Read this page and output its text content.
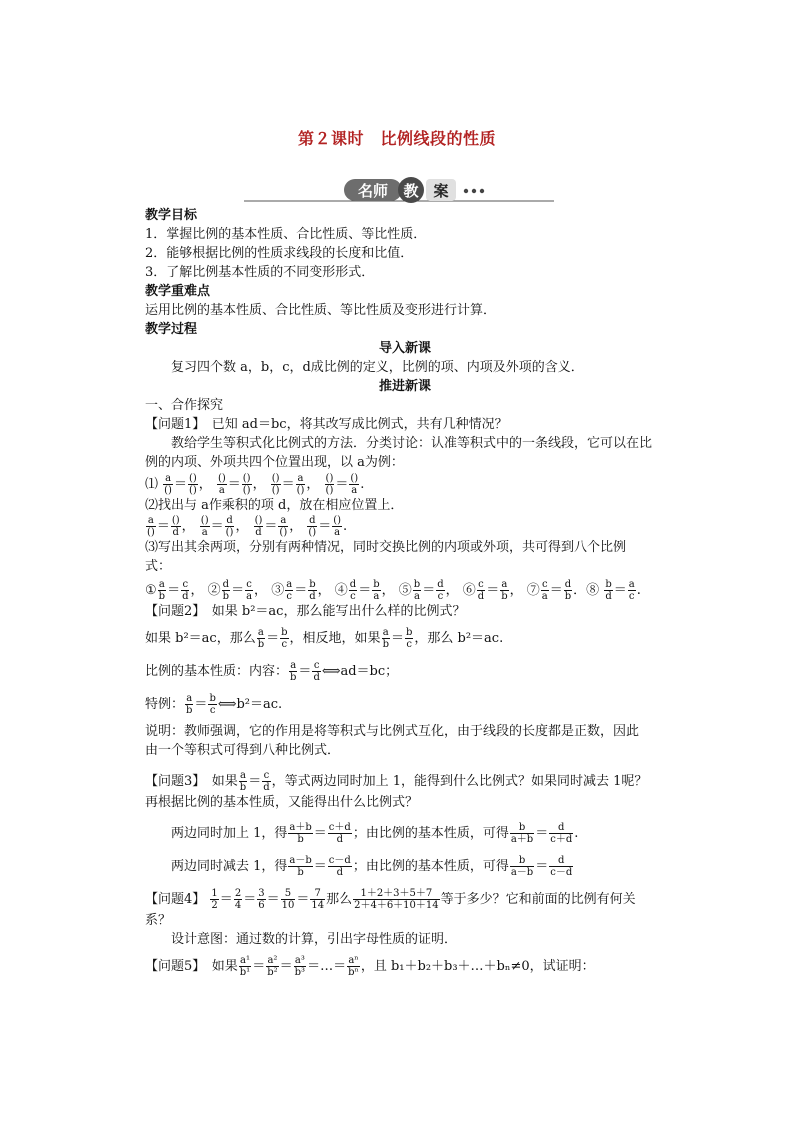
第２课时　比例线段的性质
名师 教 案

教学目标

1．掌握比例的基本性质、合比性质、等比性质．

2．能够根据比例的性质求线段的长度和比值．

3．了解比例基本性质的不同变形形式．

教学重难点

运用比例的基本性质、合比性质、等比性质及变形进行计算．

教学过程

导入新课

复习四个数 a，b，c，d成比例的定义，比例的项、内项及外项的含义．

推进新课

一、合作探究

【问题1】　已知 ad＝bc，将其改写成比例式，共有几种情况？

教给学生等积式化比例式的方法．分类讨论：认准等积式中的一条线段，它可以在比

例的内项、外项共四个位置出现，以 a为例：

⑴ $\frac{a}{()} = \frac{()}{()}$ ， $\frac{()}{a} = \frac{()}{()}$ ， $\frac{()}{()} = \frac{a}{()}$ ， $\frac{()}{()} = \frac{()}{a}$ .

⑵找出与 a作乘积的项 d，放在相应位置上．

$\frac{a}{()} = \frac{()}{d}$ ， $\frac{()}{a} = \frac{d}{()}$ ， $\frac{()}{d} = \frac{a}{()}$ ， $\frac{d}{()} = \frac{()}{a}$ .

⑶写出其余两项，分别有两种情况，同时交换比例的内项或外项，共可得到八个比例

式：

① $\frac{a}{b} = \frac{c}{d}$ ， ② $\frac{d}{b} = \frac{c}{a}$ ， ③ $\frac{a}{c} = \frac{b}{d}$ ， ④ $\frac{d}{c} = \frac{b}{a}$ ， ⑤ $\frac{b}{a} = \frac{d}{c}$ ， ⑥ $\frac{c}{d} = \frac{a}{b}$ ， ⑦ $\frac{c}{a} = \frac{d}{b}$ ．⑧ $\frac{b}{d} = \frac{a}{c}$ .

【问题2】　如果 b²＝ac，那么能写出什么样的比例式？

如果 b²＝ac，那么 $\frac{a}{b} = \frac{b}{c}$ ，相反地，如果 $\frac{a}{b} = \frac{b}{c}$ ，那么 b²＝ac.

比例的基本性质：内容： $\frac{a}{b} = \frac{c}{d}$ ⟺ad＝bc；

特例： $\frac{a}{b} = \frac{b}{c}$ ⟺b²＝ac.

说明：教师强调，它的作用是将等积式与比例式互化，由于线段的长度都是正数，因此

由一个等积式可得到八种比例式．

【问题3】　如果 $\frac{a}{b} = \frac{c}{d}$ ，等式两边同时加上 1，能得到什么比例式？如果同时减去 1呢？

再根据比例的基本性质，又能得出什么比例式？

两边同时加上 1，得 $\frac{a+b}{b} = \frac{c+d}{d}$ ；由比例的基本性质，可得 $\frac{b}{a+b} = \frac{d}{c+d}$ .

两边同时减去 1，得 $\frac{a-b}{b} = \frac{c-d}{d}$ ；由比例的基本性质，可得 $\frac{b}{a-b} = \frac{d}{c-d}$

【问题4】 $\frac{1}{2} = \frac{2}{4} = \frac{3}{6} = \frac{5}{10} = \frac{7}{14}$ 那么 $\frac{1+2+3+5+7}{2+4+6+10+14}$ 等于多少？它和前面的比例有何关

系？

设计意图：通过数的计算，引出字母性质的证明．

【问题5】　如果 $\frac{\text{a¹}}{\text{b¹}} = \frac{\text{a²}}{\text{b²}} = \frac{\text{a³}}{\text{b³}}$ ＝…＝ $\frac{\text{aⁿ}}{\text{bⁿ}}$ ，且 b₁＋b₂＋b₃＋…＋bₙ≠0，试证明：
